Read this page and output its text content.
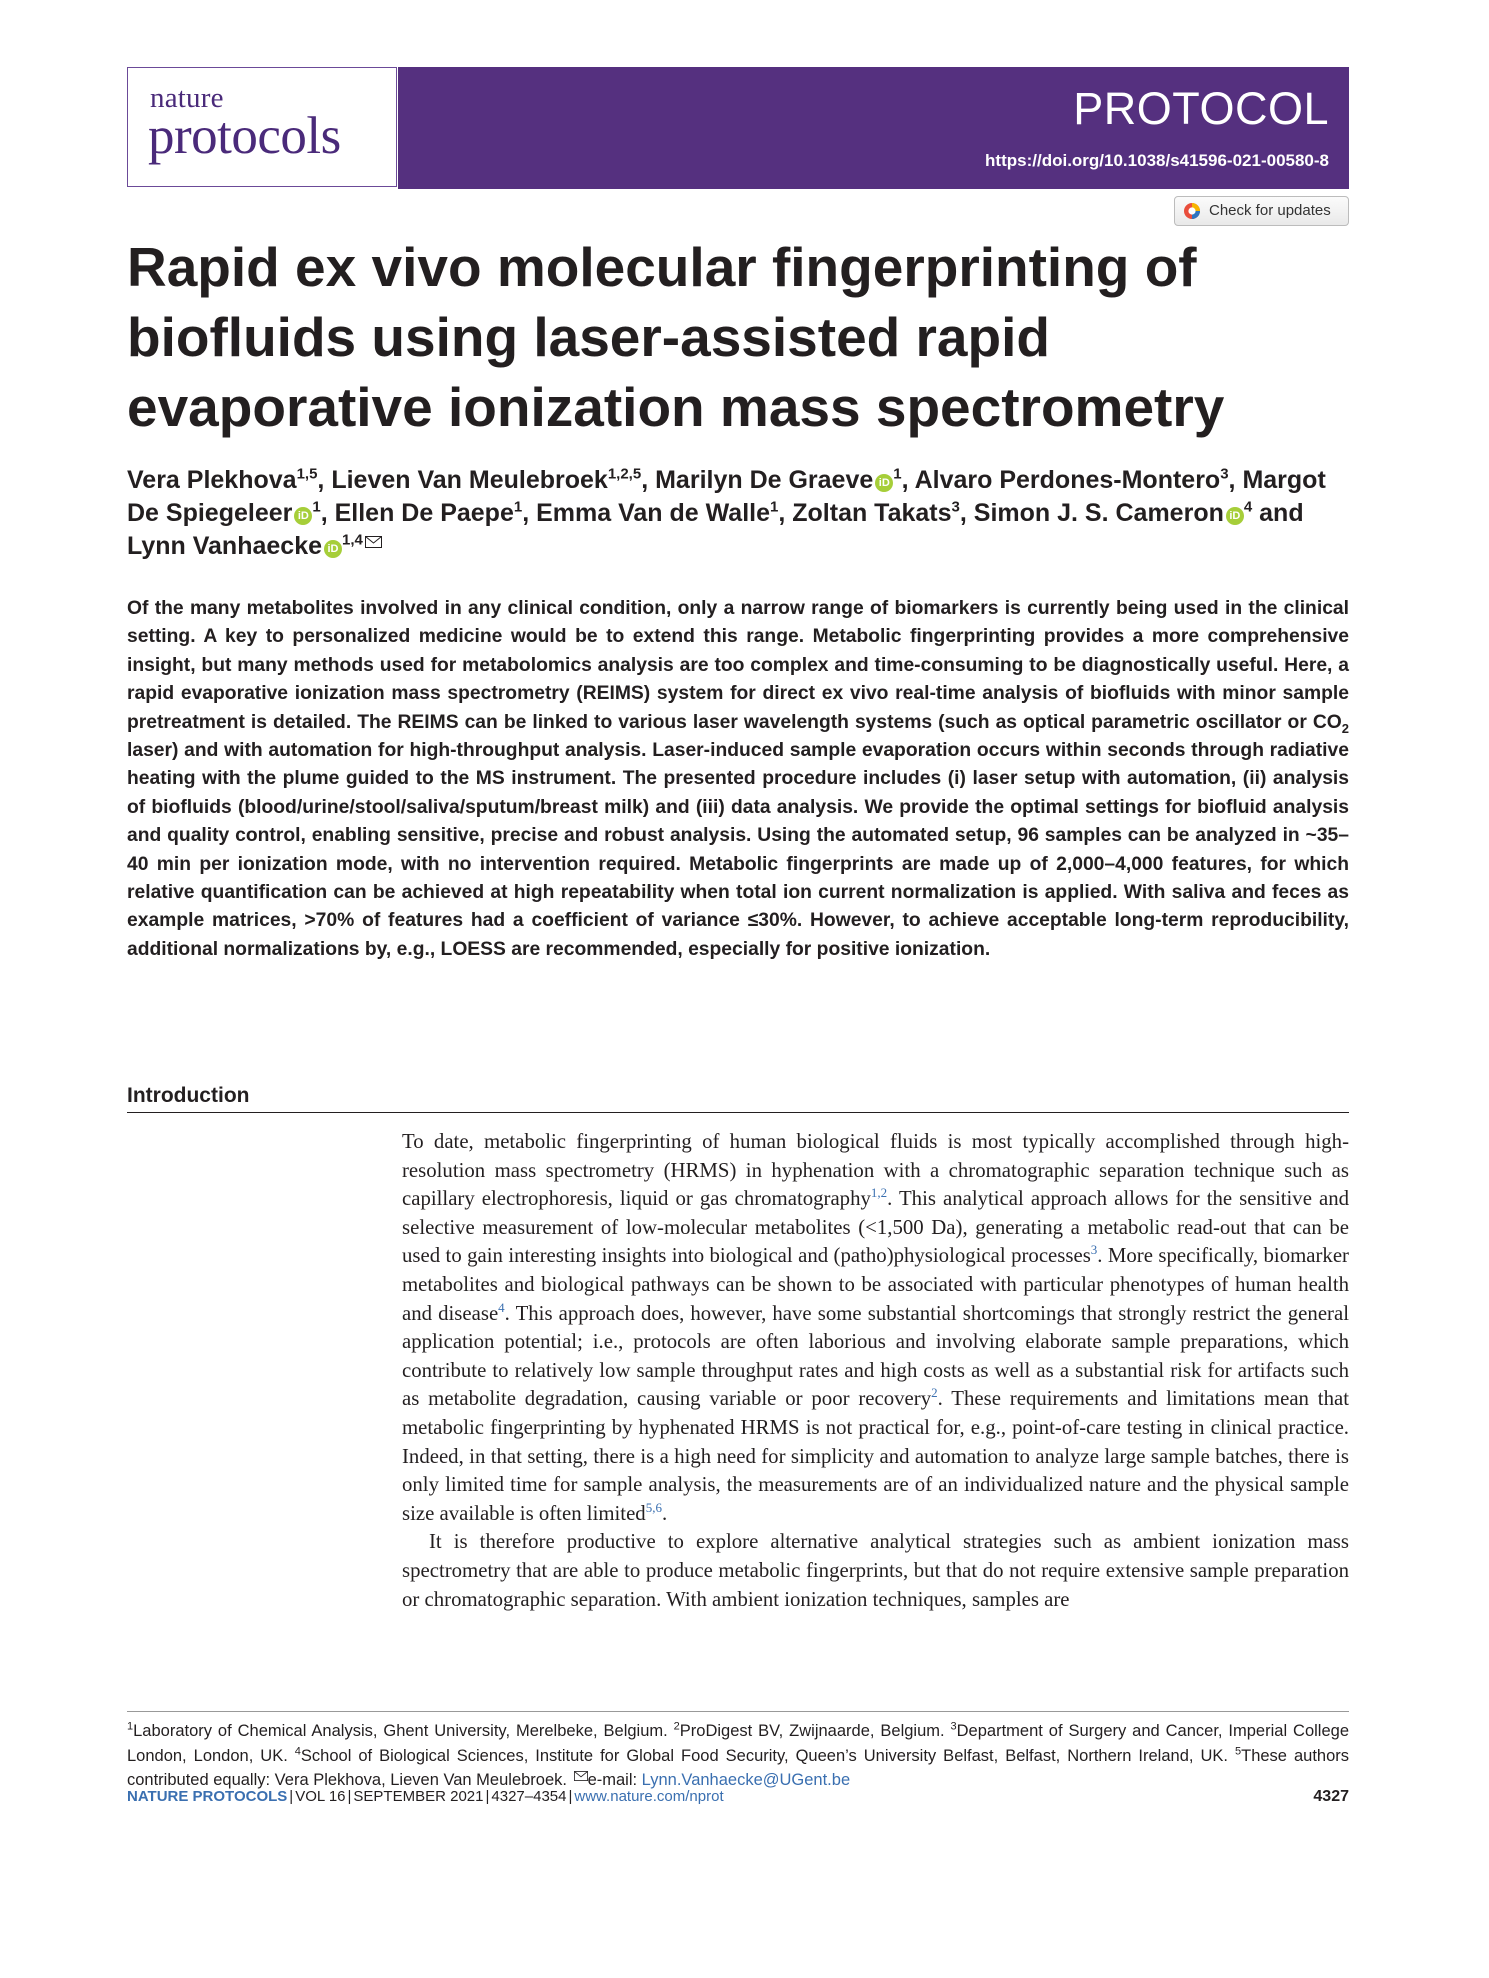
nature
protocols	PROTOCOL
https://doi.org/10.1038/s41596-021-00580-8
Check for updates
Rapid ex vivo molecular fingerprinting of biofluids using laser-assisted rapid evaporative ionization mass spectrometry
Vera Plekhova$^{1,5}$, Lieven Van Meulebroek$^{1,2,5}$, Marilyn De Graeve $iD^1$, Alvaro Perdones-Montero$^3$, Margot De Spiegeleer $iD^1$, Ellen De Paepe$^1$, Emma Van de Walle$^1$, Zoltan Takats$^3$, Simon J. S. Cameron $iD^4$ and Lynn Vanhaecke iD$^{1,4}$
Of the many metabolites involved in any clinical condition, only a narrow range of biomarkers is currently being used in the clinical setting. A key to personalized medicine would be to extend this range. Metabolic fingerprinting provides a more comprehensive insight, but many methods used for metabolomics analysis are too complex and time-consuming to be diagnostically useful. Here, a rapid evaporative ionization mass spectrometry (REIMS) system for direct ex vivo real-time analysis of biofluids with minor sample pretreatment is detailed. The REIMS can be linked to various laser wavelength systems (such as optical parametric oscillator or $CO_2$ laser) and with automation for high-throughput analysis. Laser-induced sample evaporation occurs within seconds through radiative heating with the plume guided to the MS instrument. The presented procedure includes (i) laser setup with automation, (ii) analysis of biofluids (blood/urine/stool/saliva/sputum/breast milk) and (iii) data analysis. We provide the optimal settings for biofluid analysis and quality control, enabling sensitive, precise and robust analysis. Using the automated setup, 96 samples can be analyzed in ~35–40 min per ionization mode, with no intervention required. Metabolic fingerprints are made up of 2,000–4,000 features, for which relative quantification can be achieved at high repeatability when total ion current normalization is applied. With saliva and feces as example matrices, >70% of features had a coefficient of variance ≤30%. However, to achieve acceptable long-term reproducibility, additional normalizations by, e.g., LOESS are recommended, especially for positive ionization.
Introduction

To date, metabolic fingerprinting of human biological fluids is most typically accomplished through high-resolution mass spectrometry (HRMS) in hyphenation with a chromatographic separation technique such as capillary electrophoresis, liquid or gas chromatography$^{1,2}$. This analytical approach allows for the sensitive and selective measurement of low-molecular metabolites (<1,500 Da), generating a metabolic read-out that can be used to gain interesting insights into biological and (patho)physiological processes$^3$. More specifically, biomarker metabolites and biological pathways can be shown to be associated with particular phenotypes of human health and disease$^4$. This approach does, however, have some substantial shortcomings that strongly restrict the general application potential; i.e., protocols are often laborious and involving elaborate sample preparations, which contribute to relatively low sample throughput rates and high costs as well as a substantial risk for artifacts such as metabolite degradation, causing variable or poor recovery$^2$. These requirements and limitations mean that metabolic fingerprinting by hyphenated HRMS is not practical for, e.g., point-of-care testing in clinical practice. Indeed, in that setting, there is a high need for simplicity and automation to analyze large sample batches, there is only limited time for sample analysis, the measurements are of an individualized nature and the physical sample size available is often limited$^{5,6}$.

It is therefore productive to explore alternative analytical strategies such as ambient ionization mass spectrometry that are able to produce metabolic fingerprints, but that do not require extensive sample preparation or chromatographic separation. With ambient ionization techniques, samples are

$^1$Laboratory of Chemical Analysis, Ghent University, Merelbeke, Belgium. $^2$ProDigest BV, Zwijnaarde, Belgium. $^3$Department of Surgery and Cancer, Imperial College London, London, UK. $^4$School of Biological Sciences, Institute for Global Food Security, Queen’s University Belfast, Belfast, Northern Ireland, UK. $^5$These authors contributed equally: Vera Plekhova, Lieven Van Meulebroek. e-mail: Lynn.Vanhaecke@UGent.be
NATURE PROTOCOLS | VOL 16 | SEPTEMBER 2021 | 4327–4354 | www.nature.com/nprot	4327
